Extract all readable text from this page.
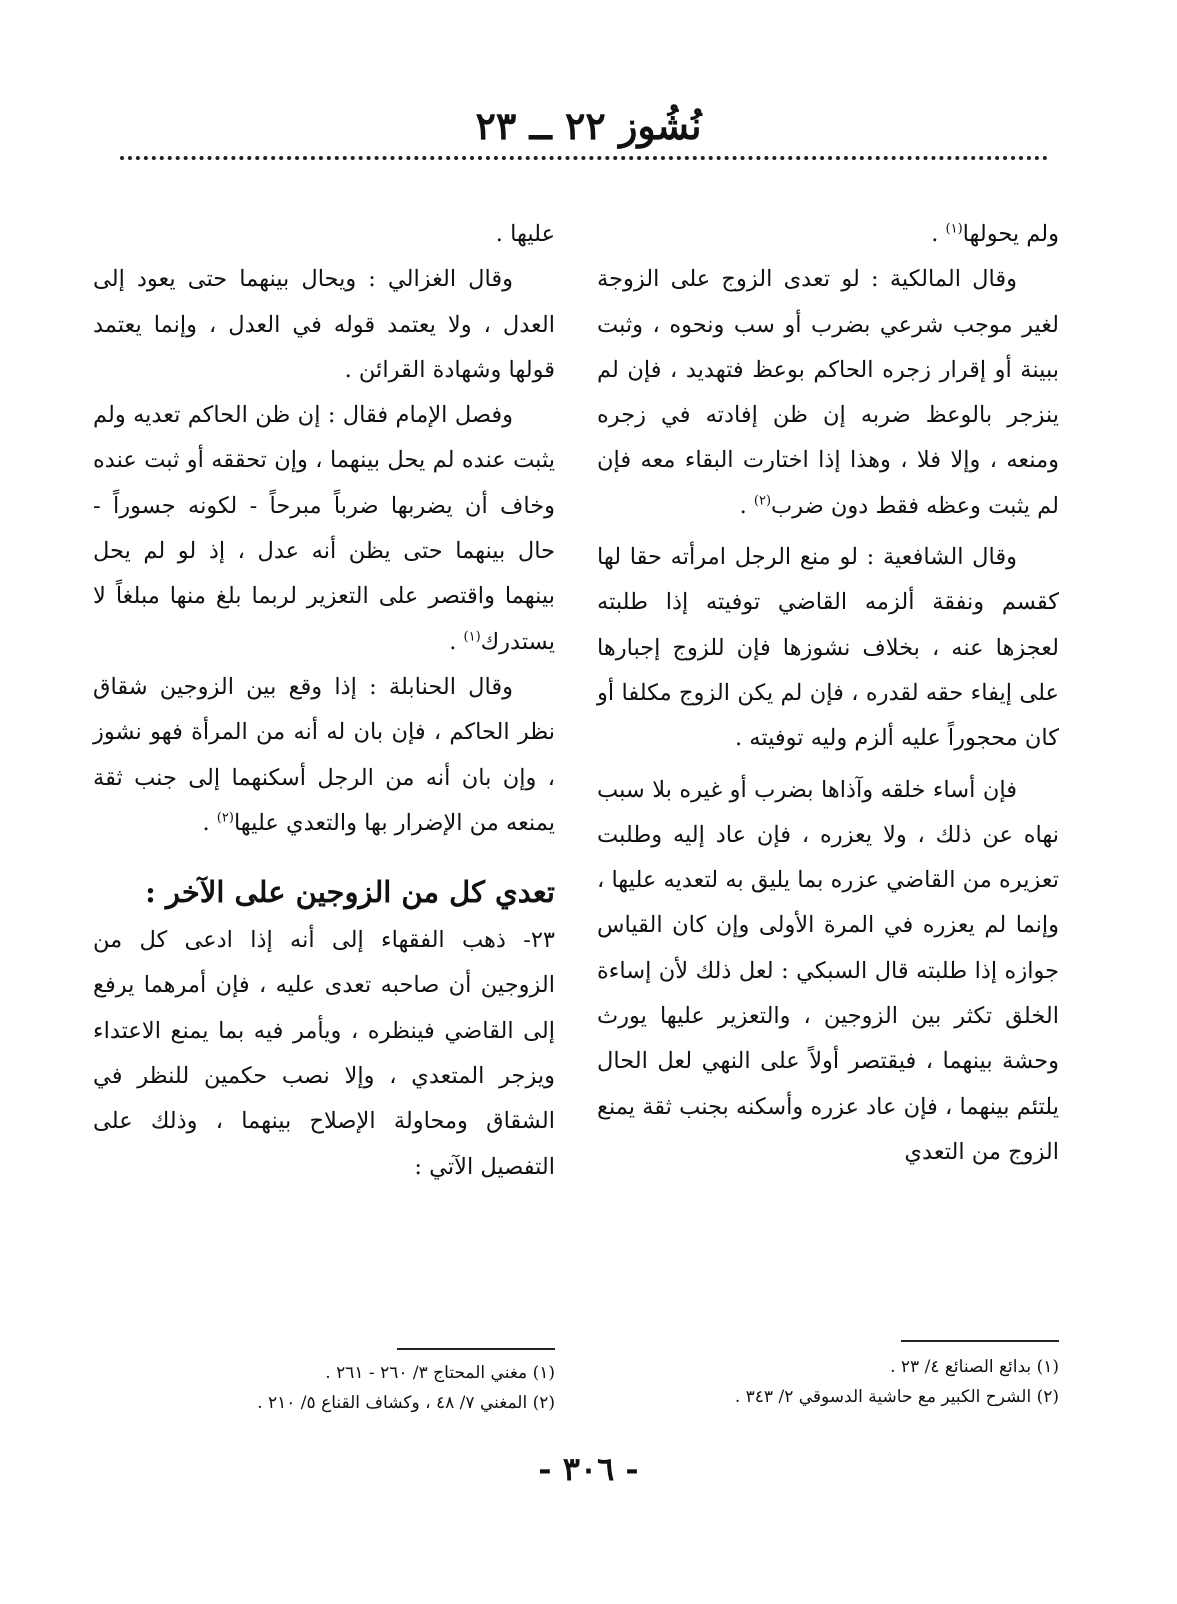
نُشُوز ٢٢ ــ ٢٣

ولم يحولها$^{(١)}$ .

وقال المالكية : لو تعدى الزوج على الزوجة لغير موجب شرعي بضرب أو سب ونحوه ، وثبت ببينة أو إقرار زجره الحاكم بوعظ فتهديد ، فإن لم ينزجر بالوعظ ضربه إن ظن إفادته في زجره ومنعه ، وإلا فلا ، وهذا إذا اختارت البقاء معه فإن لم يثبت وعظه فقط دون ضرب$^{(٢)}$ .

وقال الشافعية : لو منع الرجل امرأته حقا لها كقسم ونفقة ألزمه القاضي توفيته إذا طلبته لعجزها عنه ، بخلاف نشوزها فإن للزوج إجبارها على إيفاء حقه لقدره ، فإن لم يكن الزوج مكلفا أو كان محجوراً عليه ألزم وليه توفيته .

فإن أساء خلقه وآذاها بضرب أو غيره بلا سبب نهاه عن ذلك ، ولا يعزره ، فإن عاد إليه وطلبت تعزيره من القاضي عزره بما يليق به لتعديه عليها ، وإنما لم يعزره في المرة الأولى وإن كان القياس جوازه إذا طلبته قال السبكي : لعل ذلك لأن إساءة الخلق تكثر بين الزوجين ، والتعزير عليها يورث وحشة بينهما ، فيقتصر أولاً على النهي لعل الحال يلتئم بينهما ، فإن عاد عزره وأسكنه بجنب ثقة يمنع الزوج من التعدي

عليها .

وقال الغزالي : ويحال بينهما حتى يعود إلى العدل ، ولا يعتمد قوله في العدل ، وإنما يعتمد قولها وشهادة القرائن .

وفصل الإمام فقال : إن ظن الحاكم تعديه ولم يثبت عنده لم يحل بينهما ، وإن تحققه أو ثبت عنده وخاف أن يضربها ضرباً مبرحاً - لكونه جسوراً - حال بينهما حتى يظن أنه عدل ، إذ لو لم يحل بينهما واقتصر على التعزير لربما بلغ منها مبلغاً لا يستدرك$^{(١)}$ .

وقال الحنابلة : إذا وقع بين الزوجين شقاق نظر الحاكم ، فإن بان له أنه من المرأة فهو نشوز ، وإن بان أنه من الرجل أسكنهما إلى جنب ثقة يمنعه من الإضرار بها والتعدي عليها$^{(٢)}$ .

تعدي كل من الزوجين على الآخر :

٢٣- ذهب الفقهاء إلى أنه إذا ادعى كل من الزوجين أن صاحبه تعدى عليه ، فإن أمرهما يرفع إلى القاضي فينظره ، ويأمر فيه بما يمنع الاعتداء ويزجر المتعدي ، وإلا نصب حكمين للنظر في الشقاق ومحاولة الإصلاح بينهما ، وذلك على التفصيل الآتي :

(١) بدائع الصنائع ٤/ ٢٣ .
(٢) الشرح الكبير مع حاشية الدسوقي ٢/ ٣٤٣ .
(١) مغني المحتاج ٣/ ٢٦٠ - ٢٦١ .
(٢) المغني ٧/ ٤٨ ، وكشاف القناع ٥/ ٢١٠ .
- ٣٠٦ -
